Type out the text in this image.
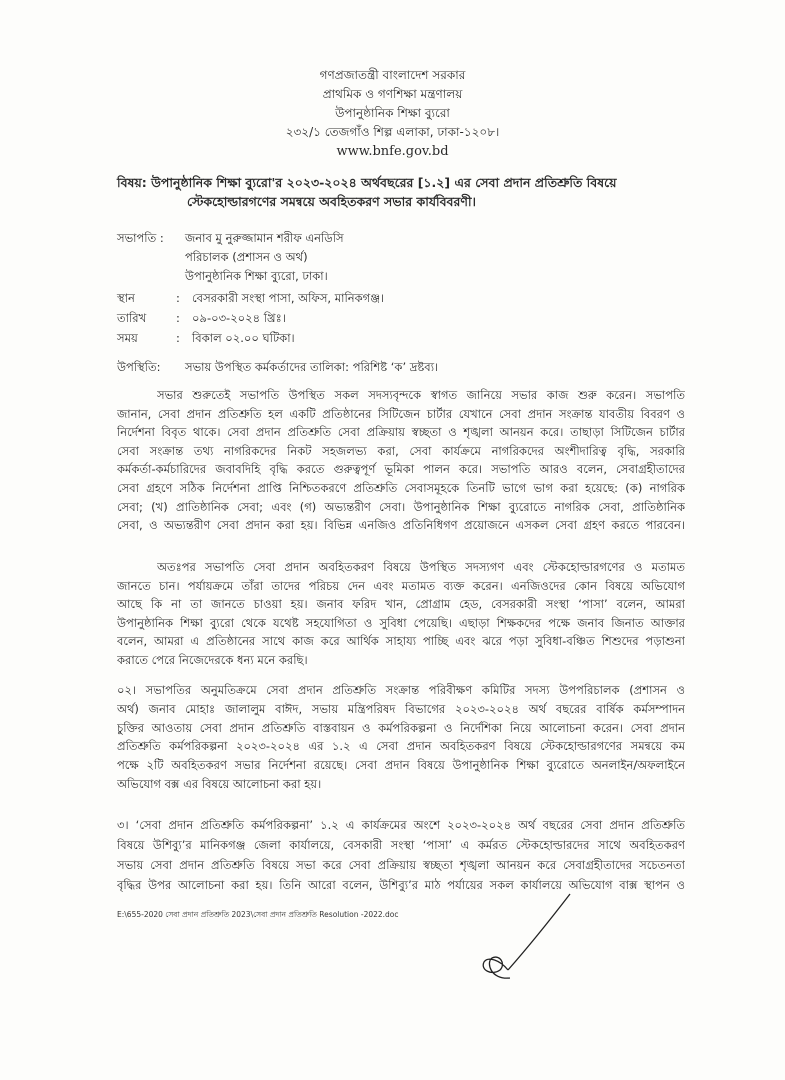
গণপ্রজাতন্ত্রী বাংলাদেশ সরকার
প্রাথমিক ও গণশিক্ষা মন্ত্রণালয়
উপানুষ্ঠানিক শিক্ষা ব্যুরো
২৩২/১ তেজগাঁও শিল্প এলাকা, ঢাকা-১২০৮।
www.bnfe.gov.bd
বিষয়: উপানুষ্ঠানিক শিক্ষা ব্যুরো'র ২০২৩-২০২৪ অর্থবছরের [১.২] এর সেবা প্রদান প্রতিশ্রুতি বিষয়ে
স্টেকহোল্ডারগণের সমন্বয়ে অবহিতকরণ সভার কার্যবিবরণী।
সভাপতি : জনাব মু নুরুজ্জামান শরীফ এনডিসি
পরিচালক (প্রশাসন ও অর্থ)
উপানুষ্ঠানিক শিক্ষা ব্যুরো, ঢাকা।
স্থান	: বেসরকারী সংস্থা পাসা, অফিস, মানিকগঞ্জ।
তারিখ	: ০৯-০৩-২০২৪ খ্রিঃ।
সময়	: বিকাল ০২.০০ ঘটিকা।
উপস্থিতি: সভায় উপস্থিত কর্মকর্তাদের তালিকা: পরিশিষ্ট ‘ক’ দ্রষ্টব্য।
সভার শুরুতেই সভাপতি উপস্থিত সকল সদস্যবৃন্দকে স্বাগত জানিয়ে সভার কাজ শুরু করেন। সভাপতি
জানান, সেবা প্রদান প্রতিশ্রুতি হল একটি প্রতিষ্ঠানের সিটিজেন চার্টার যেখানে সেবা প্রদান সংক্রান্ত যাবতীয় বিবরণ ও
নির্দেশনা বিবৃত থাকে। সেবা প্রদান প্রতিশ্রুতি সেবা প্রক্রিয়ায় স্বচ্ছতা ও শৃঙ্খলা আনয়ন করে। তাছাড়া সিটিজেন চার্টার
সেবা সংক্রান্ত তথ্য নাগরিকদের নিকট সহজলভ্য করা, সেবা কার্যক্রমে নাগরিকদের অংশীদারিত্ব বৃদ্ধি, সরকারি
কর্মকর্তা-কর্মচারিদের জবাবদিহি বৃদ্ধি করতে গুরুত্বপূর্ণ ভূমিকা পালন করে। সভাপতি আরও বলেন, সেবাগ্রহীতাদের
সেবা গ্রহণে সঠিক নির্দেশনা প্রাপ্তি নিশ্চিতকরণে প্রতিশ্রুতি সেবাসমূহকে তিনটি ভাগে ভাগ করা হয়েছে: (ক) নাগরিক
সেবা; (খ) প্রাতিষ্ঠানিক সেবা; এবং (গ) অভ্যন্তরীণ সেবা। উপানুষ্ঠানিক শিক্ষা ব্যুরোতে নাগরিক সেবা, প্রাতিষ্ঠানিক
সেবা, ও অভ্যন্তরীণ সেবা প্রদান করা হয়। বিভিন্ন এনজিও প্রতিনিধিগণ প্রয়োজনে এসকল সেবা গ্রহণ করতে পারবেন।
অতঃপর সভাপতি সেবা প্রদান অবহিতকরণ বিষয়ে উপস্থিত সদস্যগণ এবং স্টেকহোল্ডারগণের ও মতামত
জানতে চান। পর্যায়ক্রমে তাঁরা তাদের পরিচয় দেন এবং মতামত ব্যক্ত করেন। এনজিওদের কোন বিষয়ে অভিযোগ
আছে কি না তা জানতে চাওয়া হয়। জনাব ফরিদ খান, প্রোগ্রাম হেড, বেসরকারী সংস্থা ‘পাসা’ বলেন, আমরা
উপানুষ্ঠানিক শিক্ষা ব্যুরো থেকে যথেষ্ট সহযোগিতা ও সুবিধা পেয়েছি। এছাড়া শিক্ষকদের পক্ষে জনাব জিনাত আক্তার
বলেন, আমরা এ প্রতিষ্ঠানের সাথে কাজ করে আর্থিক সাহায্য পাচ্ছি এবং ঝরে পড়া সুবিধা-বঞ্চিত শিশুদের পড়াশুনা
করাতে পেরে নিজেদেরকে ধন্য মনে করছি।
০২। সভাপতির অনুমতিক্রমে সেবা প্রদান প্রতিশ্রুতি সংক্রান্ত পরিবীক্ষণ কমিটির সদস্য উপপরিচালক (প্রশাসন ও
অর্থ) জনাব মোহাঃ জালালুম বাঈদ, সভায় মন্ত্রিপরিষদ বিভাগের ২০২৩-২০২৪ অর্থ বছরের বার্ষিক কর্মসম্পাদন
চুক্তির আওতায় সেবা প্রদান প্রতিশ্রুতি বাস্তবায়ন ও কর্মপরিকল্পনা ও নির্দেশিকা নিয়ে আলোচনা করেন। সেবা প্রদান
প্রতিশ্রুতি কর্মপরিকল্পনা ২০২৩-২০২৪ এর ১.২ এ সেবা প্রদান অবহিতকরণ বিষয়ে স্টেকহোল্ডারগণের সমন্বয়ে কম
পক্ষে ২টি অবহিতকরণ সভার নির্দেশনা রয়েছে। সেবা প্রদান বিষয়ে উপানুষ্ঠানিক শিক্ষা ব্যুরোতে অনলাইন/অফলাইনে
অভিযোগ বক্স এর বিষয়ে আলোচনা করা হয়।
৩। ‘সেবা প্রদান প্রতিশ্রুতি কর্মপরিকল্পনা’ ১.২ এ কার্যক্রমের অংশে ২০২৩-২০২৪ অর্থ বছরের সেবা প্রদান প্রতিশ্রুতি
বিষয়ে উশিব্যু’র মানিকগঞ্জ জেলা কার্যালয়ে, বেসকারী সংস্থা ‘পাসা’ এ কর্মরত স্টেকহোল্ডারদের সাথে অবহিতকরণ
সভায় সেবা প্রদান প্রতিশ্রুতি বিষয়ে সভা করে সেবা প্রক্রিয়ায় স্বচ্ছতা শৃঙ্খলা আনয়ন করে সেবাগ্রহীতাদের সচেতনতা
বৃদ্ধির উপর আলোচনা করা হয়। তিনি আরো বলেন, উশিব্যু’র মাঠ পর্যায়ের সকল কার্যালয়ে অভিযোগ বাক্স স্থাপন ও
E:\655-2020 সেবা প্রদান প্রতিশ্রুতি 2023\সেবা প্রদান প্রতিশ্রুতি Resolution -2022.doc
